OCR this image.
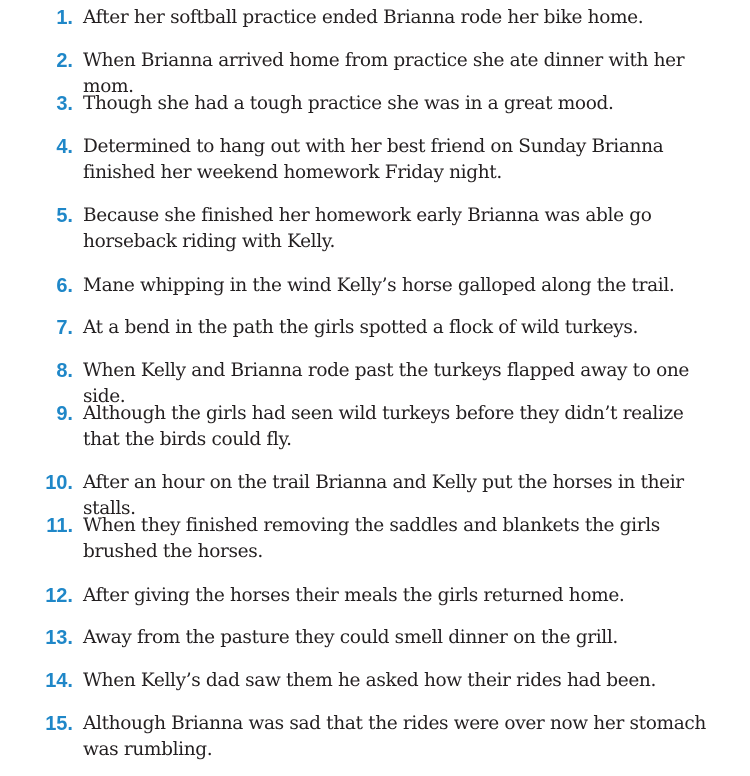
1. After her softball practice ended Brianna rode her bike home.
2. When Brianna arrived home from practice she ate dinner with her mom.
3. Though she had a tough practice she was in a great mood.
4. Determined to hang out with her best friend on Sunday Brianna finished her weekend homework Friday night.
5. Because she finished her homework early Brianna was able go horseback riding with Kelly.
6. Mane whipping in the wind Kelly’s horse galloped along the trail.
7. At a bend in the path the girls spotted a flock of wild turkeys.
8. When Kelly and Brianna rode past the turkeys flapped away to one side.
9. Although the girls had seen wild turkeys before they didn’t realize that the birds could fly.
10. After an hour on the trail Brianna and Kelly put the horses in their stalls.
11. When they finished removing the saddles and blankets the girls brushed the horses.
12. After giving the horses their meals the girls returned home.
13. Away from the pasture they could smell dinner on the grill.
14. When Kelly’s dad saw them he asked how their rides had been.
15. Although Brianna was sad that the rides were over now her stomach was rumbling.
